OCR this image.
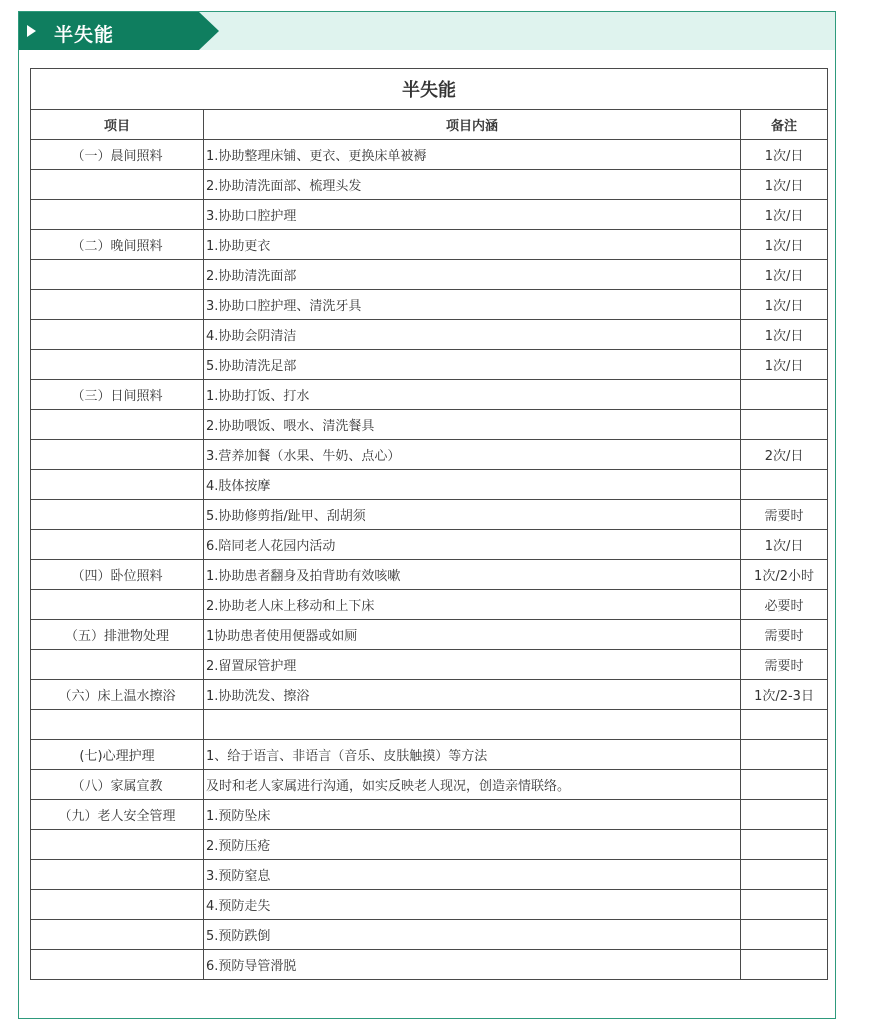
半失能
半失能		
项目	项目内涵	备注
（一）晨间照料	1.协助整理床铺、更衣、更换床单被褥	1次/日
	2.协助清洗面部、梳理头发	1次/日
	3.协助口腔护理	1次/日
（二）晚间照料	1.协助更衣	1次/日
	2.协助清洗面部	1次/日
	3.协助口腔护理、清洗牙具	1次/日
	4.协助会阴清洁	1次/日
	5.协助清洗足部	1次/日
（三）日间照料	1.协助打饭、打水	
	2.协助喂饭、喂水、清洗餐具	
	3.营养加餐（水果、牛奶、点心）	2次/日
	4.肢体按摩	
	5.协助修剪指/趾甲、刮胡须	需要时
	6.陪同老人花园内活动	1次/日
（四）卧位照料	1.协助患者翻身及拍背助有效咳嗽	1次/2小时
	2.协助老人床上移动和上下床	必要时
（五）排泄物处理	1协助患者使用便器或如厕	需要时
	2.留置尿管护理	需要时
（六）床上温水擦浴	1.协助洗发、擦浴	1次/2-3日

(七)心理护理	1、给于语言、非语言（音乐、皮肤触摸）等方法	
（八）家属宣教	及时和老人家属进行沟通，如实反映老人现况，创造亲情联络。	
（九）老人安全管理	1.预防坠床	
	2.预防压疮	
	3.预防窒息	
	4.预防走失	
	5.预防跌倒	
	6.预防导管滑脱	
